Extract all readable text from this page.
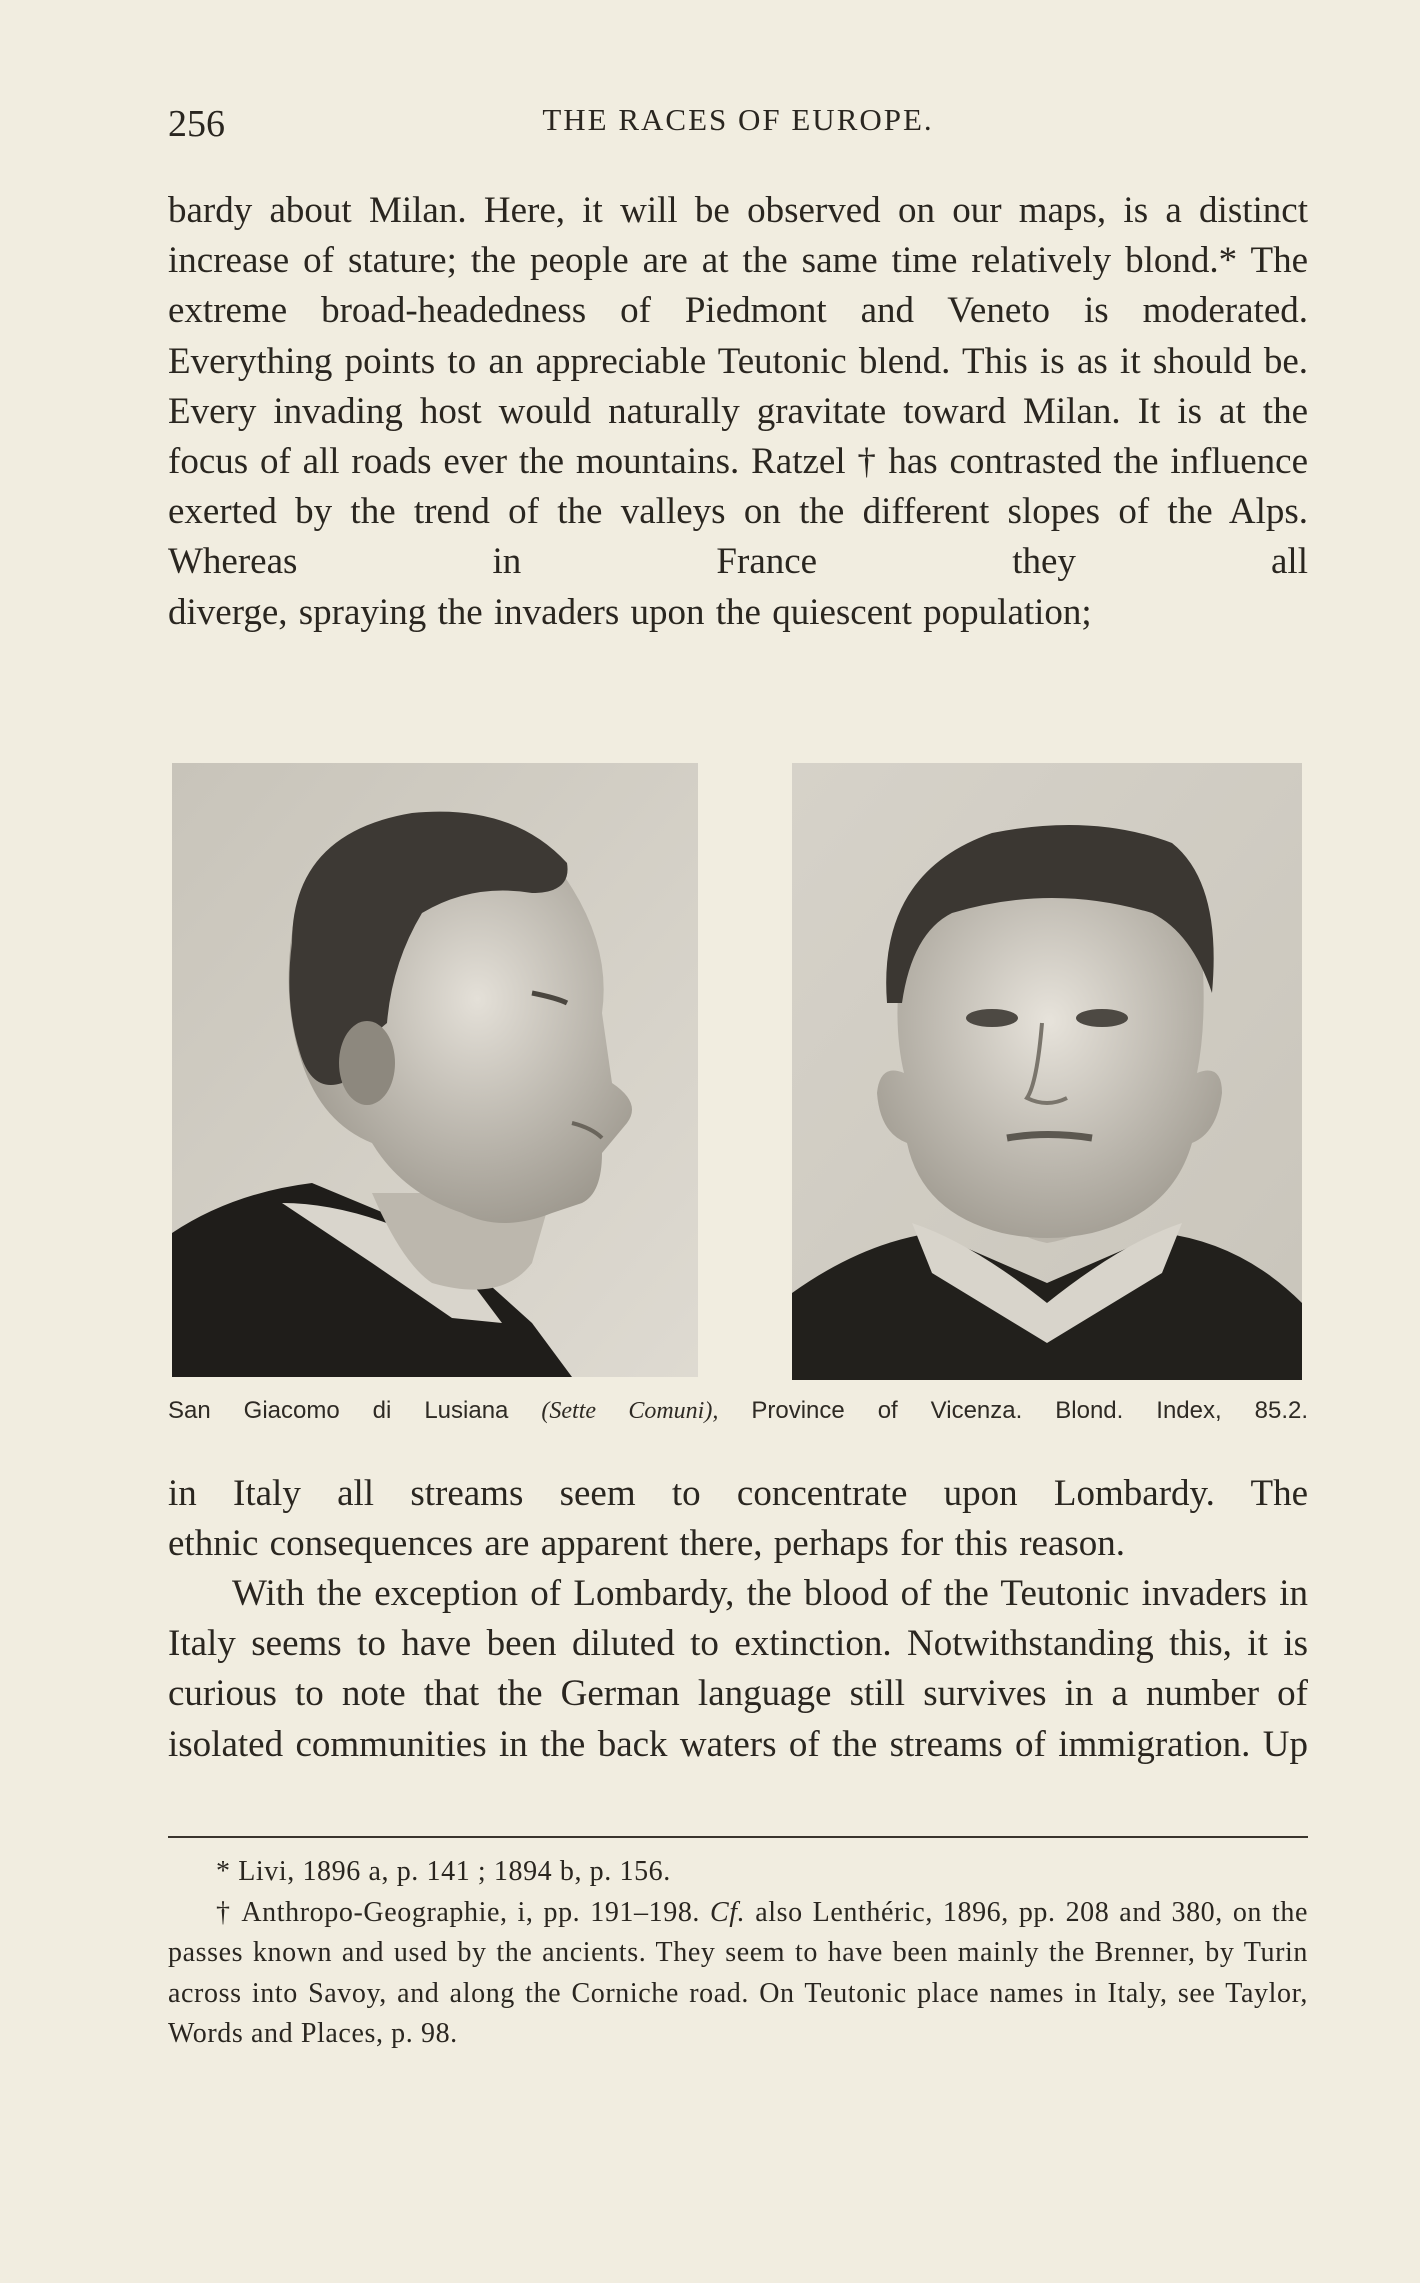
256	THE RACES OF EUROPE.

bardy about Milan. Here, it will be observed on our maps, is a distinct increase of stature; the people are at the same time relatively blond.* The extreme broad-headedness of Piedmont and Veneto is moderated. Everything points to an appreciable Teutonic blend. This is as it should be. Every invading host would naturally gravitate toward Milan. It is at the focus of all roads ever the mountains. Ratzel † has contrasted the influence exerted by the trend of the valleys on the different slopes of the Alps. Whereas in France they all
diverge, spraying the invaders upon the quiescent population;

San Giacomo di Lusiana (Sette Comuni), Province of Vicenza. Blond. Index, 85.2.

in Italy all streams seem to concentrate upon Lombardy. The
ethnic consequences are apparent there, perhaps for this reason.

With the exception of Lombardy, the blood of the Teutonic invaders in Italy seems to have been diluted to extinction. Notwithstanding this, it is curious to note that the German language still survives in a number of isolated communities in the back waters of the streams of immigration. Up

* Livi, 1896 a, p. 141 ; 1894 b, p. 156.

† Anthropo-Geographie, i, pp. 191–198. Cf. also Lenthéric, 1896, pp. 208 and 380, on the passes known and used by the ancients. They seem to have been mainly the Brenner, by Turin across into Savoy, and along the Corniche road. On Teutonic place names in Italy, see Taylor, Words and Places, p. 98.
